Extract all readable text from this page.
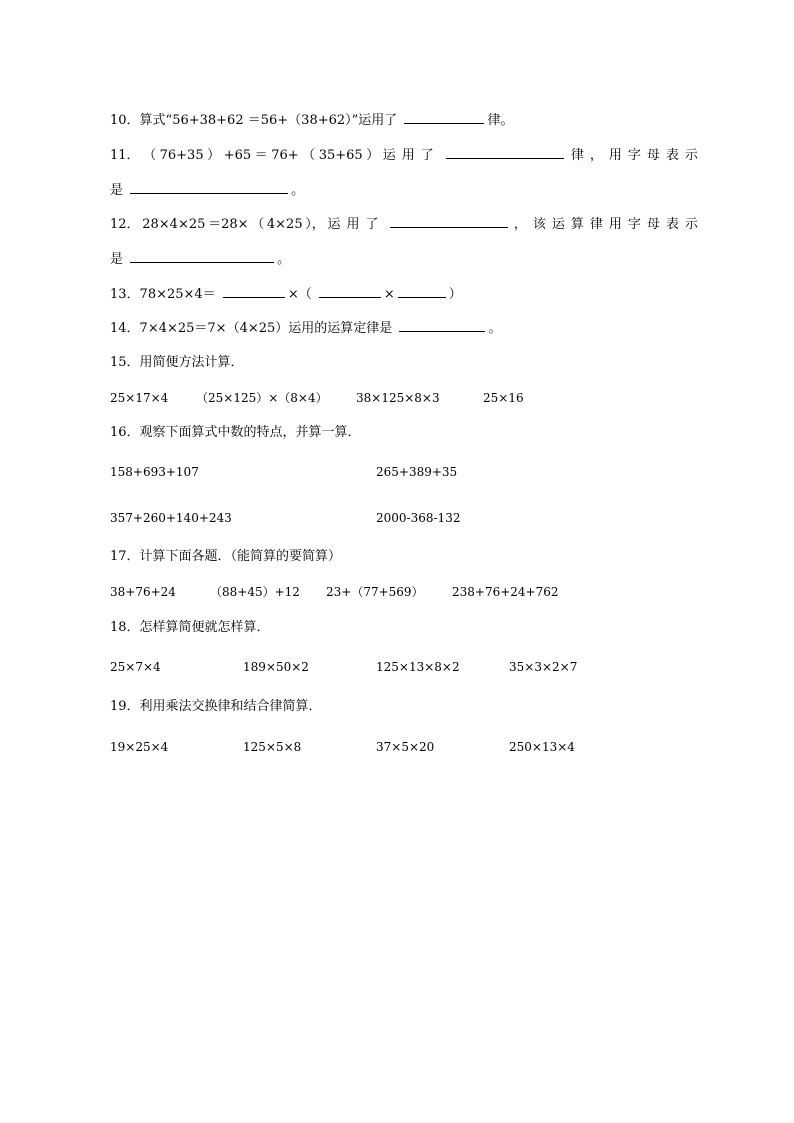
10．算式“56+38+62 ＝56+（38+62）”运用了	律。
11． （ 76+35 ） +65 ＝ 76+ （ 35+65 ） 运用了	律，用字母表示
是	。
12． 28×4×25 ＝28× （ 4×25 ）， 运用了	，该运算律用字母表示
是	。
13．78×25×4＝	×（	×	）
14．7×4×25＝7×（4×25）运用的运算定律是	。
15．用简便方法计算．
25×17×4 （25×125）×（8×4） 38×125×8×3	25×16
16．观察下面算式中数的特点，并算一算．
158+693+107	265+389+35
357+260+140+243	2000-368-132
17．计算下面各题．（能简算的要简算）
38+76+24	（88+45）+12 23+（77+569） 238+76+24+762
18．怎样算简便就怎样算．
25×7×4	189×50×2	125×13×8×2	35×3×2×7
19．利用乘法交换律和结合律简算．
19×25×4	125×5×8	37×5×20	250×13×4
